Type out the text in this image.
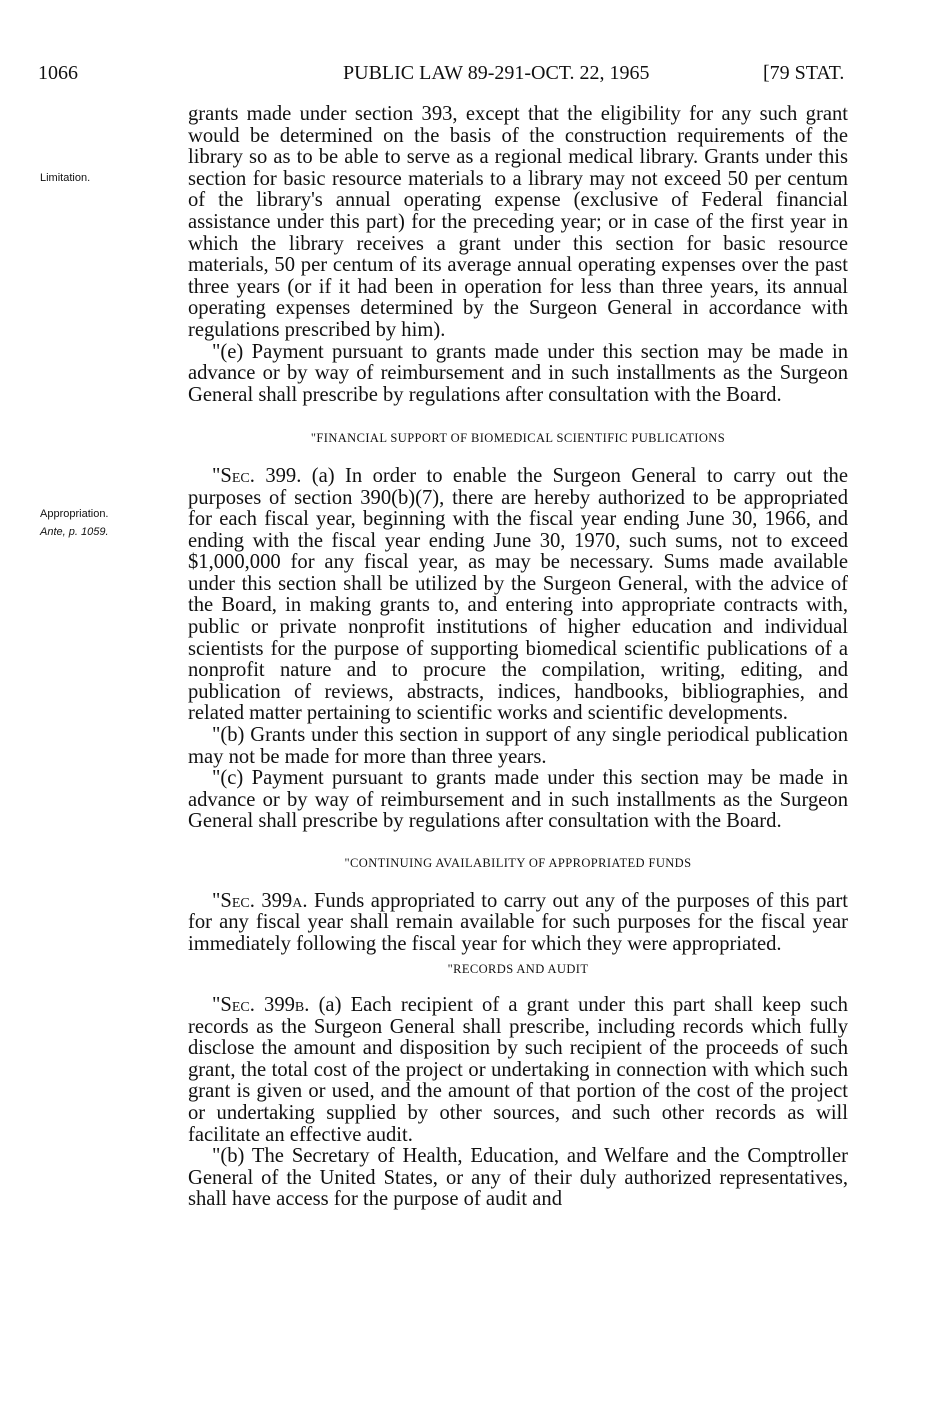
1066	PUBLIC LAW 89-291-OCT. 22, 1965	[79 STAT.
Limitation.
Appropriation.
Ante, p. 1059.

grants made under section 393, except that the eligibility for any such grant would be determined on the basis of the construction requirements of the library so as to be able to serve as a regional medical library. Grants under this section for basic resource materials to a library may not exceed 50 per centum of the library's annual operating expense (exclusive of Federal financial assistance under this part) for the preceding year; or in case of the first year in which the library receives a grant under this section for basic resource materials, 50 per centum of its average annual operating expenses over the past three years (or if it had been in operation for less than three years, its annual operating expenses determined by the Surgeon General in accordance with regulations prescribed by him).

"(e) Payment pursuant to grants made under this section may be made in advance or by way of reimbursement and in such installments as the Surgeon General shall prescribe by regulations after consultation with the Board.

"FINANCIAL SUPPORT OF BIOMEDICAL SCIENTIFIC PUBLICATIONS

"Sec. 399. (a) In order to enable the Surgeon General to carry out the purposes of section 390(b)(7), there are hereby authorized to be appropriated for each fiscal year, beginning with the fiscal year ending June 30, 1966, and ending with the fiscal year ending June 30, 1970, such sums, not to exceed $1,000,000 for any fiscal year, as may be necessary. Sums made available under this section shall be utilized by the Surgeon General, with the advice of the Board, in making grants to, and entering into appropriate contracts with, public or private nonprofit institutions of higher education and individual scientists for the purpose of supporting biomedical scientific publications of a nonprofit nature and to procure the compilation, writing, editing, and publication of reviews, abstracts, indices, handbooks, bibliographies, and related matter pertaining to scientific works and scientific developments.

"(b) Grants under this section in support of any single periodical publication may not be made for more than three years.

"(c) Payment pursuant to grants made under this section may be made in advance or by way of reimbursement and in such installments as the Surgeon General shall prescribe by regulations after consultation with the Board.

"CONTINUING AVAILABILITY OF APPROPRIATED FUNDS

"Sec. 399a. Funds appropriated to carry out any of the purposes of this part for any fiscal year shall remain available for such purposes for the fiscal year immediately following the fiscal year for which they were appropriated.

"RECORDS AND AUDIT

"Sec. 399b. (a) Each recipient of a grant under this part shall keep such records as the Surgeon General shall prescribe, including records which fully disclose the amount and disposition by such recipient of the proceeds of such grant, the total cost of the project or undertaking in connection with which such grant is given or used, and the amount of that portion of the cost of the project or undertaking supplied by other sources, and such other records as will facilitate an effective audit.

"(b) The Secretary of Health, Education, and Welfare and the Comptroller General of the United States, or any of their duly authorized representatives, shall have access for the purpose of audit and
